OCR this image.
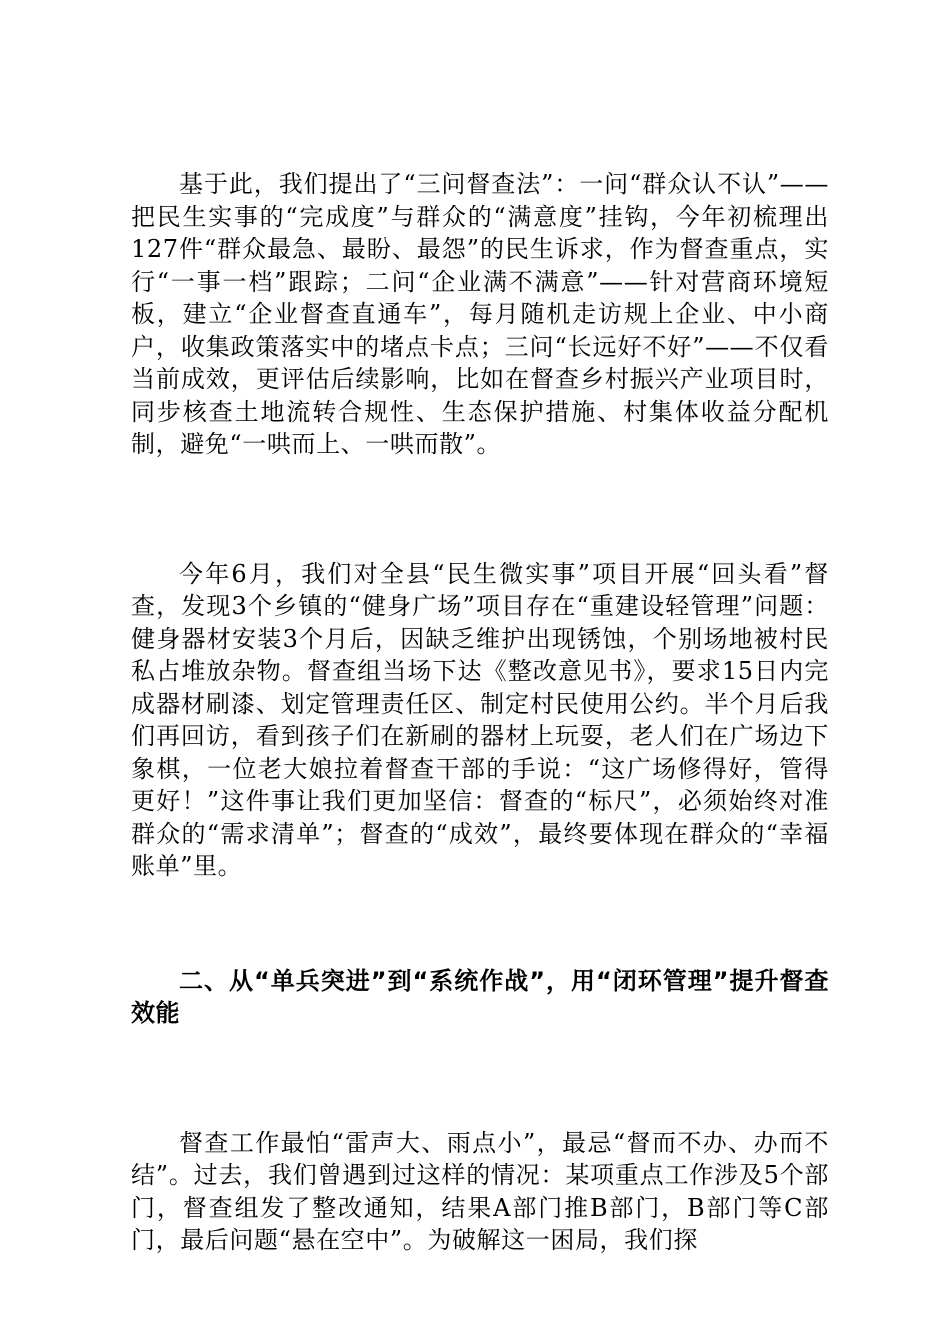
基于此，我们提出了“三问督查法”：一问“群众认不认”——把民生实事的“完成度”与群众的“满意度”挂钩，今年初梳理出127件“群众最急、最盼、最怨”的民生诉求，作为督查重点，实行“一事一档”跟踪；二问“企业满不满意”——针对营商环境短板，建立“企业督查直通车”，每月随机走访规上企业、中小商户，收集政策落实中的堵点卡点；三问“长远好不好”——不仅看当前成效，更评估后续影响，比如在督查乡村振兴产业项目时，同步核查土地流转合规性、生态保护措施、村集体收益分配机制，避免“一哄而上、一哄而散”。

今年6月，我们对全县“民生微实事”项目开展“回头看”督查，发现3个乡镇的“健身广场”项目存在“重建设轻管理”问题：健身器材安装3个月后，因缺乏维护出现锈蚀，个别场地被村民私占堆放杂物。督查组当场下达《整改意见书》，要求15日内完成器材刷漆、划定管理责任区、制定村民使用公约。半个月后我们再回访，看到孩子们在新刷的器材上玩耍，老人们在广场边下象棋，一位老大娘拉着督查干部的手说：“这广场修得好，管得更好！”这件事让我们更加坚信：督查的“标尺”，必须始终对准群众的“需求清单”；督查的“成效”，最终要体现在群众的“幸福账单”里。

二、从“单兵突进”到“系统作战”，用“闭环管理”提升督查效能

督查工作最怕“雷声大、雨点小”，最忌“督而不办、办而不结”。过去，我们曾遇到过这样的情况：某项重点工作涉及5个部门，督查组发了整改通知，结果A部门推B部门，B部门等C部门，最后问题“悬在空中”。为破解这一困局，我们探
